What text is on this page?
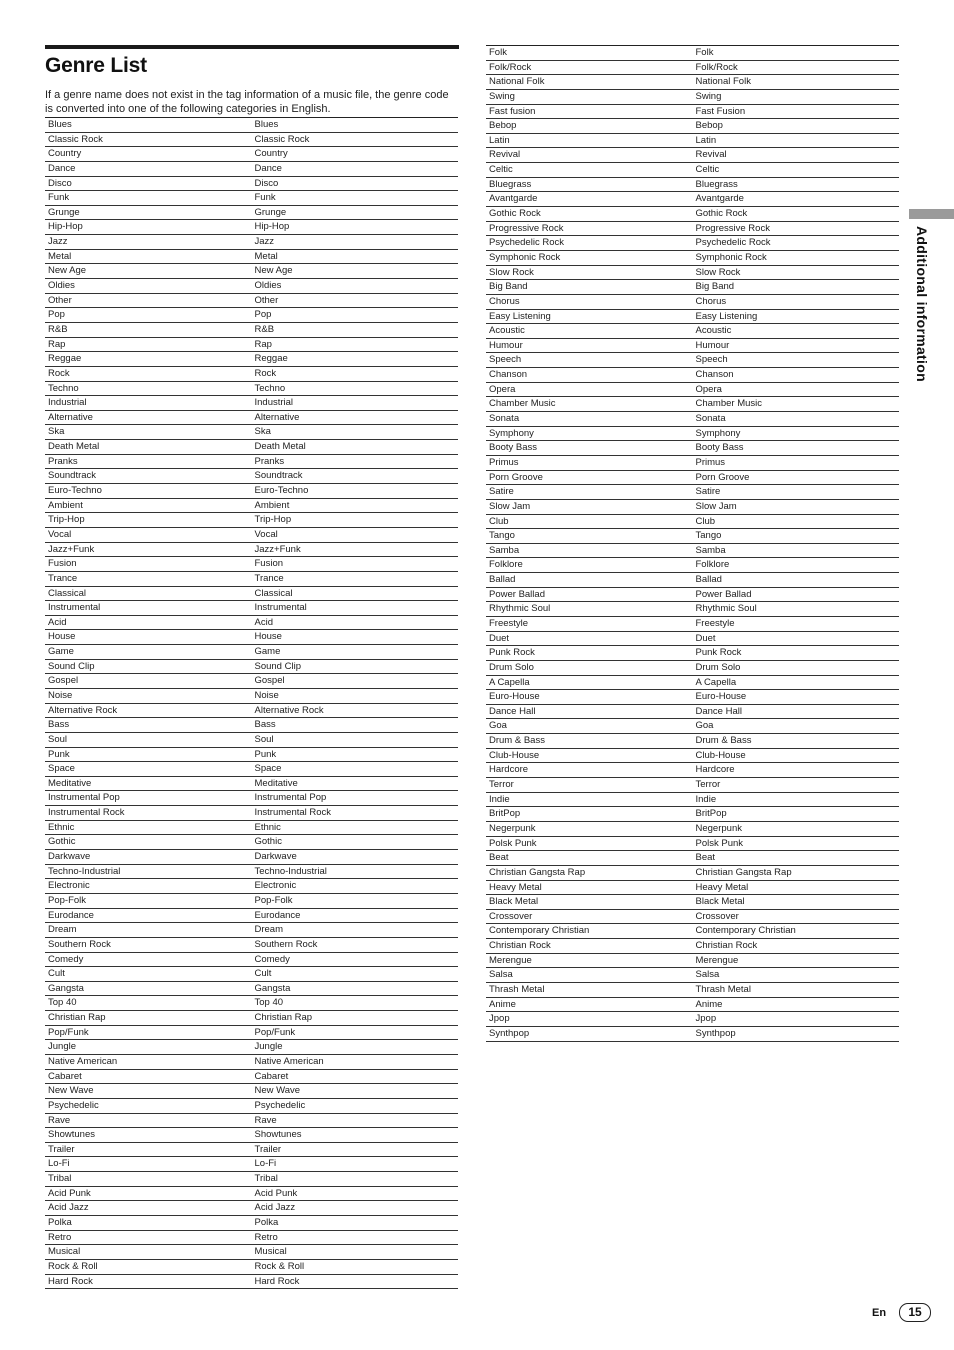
Genre List

If a genre name does not exist in the tag information of a music file, the genre code is converted into one of the following categories in English.

Blues	Blues
Classic Rock	Classic Rock
Country	Country
Dance	Dance
Disco	Disco
Funk	Funk
Grunge	Grunge
Hip-Hop	Hip-Hop
Jazz	Jazz
Metal	Metal
New Age	New Age
Oldies	Oldies
Other	Other
Pop	Pop
R&B	R&B
Rap	Rap
Reggae	Reggae
Rock	Rock
Techno	Techno
Industrial	Industrial
Alternative	Alternative
Ska	Ska
Death Metal	Death Metal
Pranks	Pranks
Soundtrack	Soundtrack
Euro-Techno	Euro-Techno
Ambient	Ambient
Trip-Hop	Trip-Hop
Vocal	Vocal
Jazz+Funk	Jazz+Funk
Fusion	Fusion
Trance	Trance
Classical	Classical
Instrumental	Instrumental
Acid	Acid
House	House
Game	Game
Sound Clip	Sound Clip
Gospel	Gospel
Noise	Noise
Alternative Rock	Alternative Rock
Bass	Bass
Soul	Soul
Punk	Punk
Space	Space
Meditative	Meditative
Instrumental Pop	Instrumental Pop
Instrumental Rock	Instrumental Rock
Ethnic	Ethnic
Gothic	Gothic
Darkwave	Darkwave
Techno-Industrial	Techno-Industrial
Electronic	Electronic
Pop-Folk	Pop-Folk
Eurodance	Eurodance
Dream	Dream
Southern Rock	Southern Rock
Comedy	Comedy
Cult	Cult
Gangsta	Gangsta
Top 40	Top 40
Christian Rap	Christian Rap
Pop/Funk	Pop/Funk
Jungle	Jungle
Native American	Native American
Cabaret	Cabaret
New Wave	New Wave
Psychedelic	Psychedelic
Rave	Rave
Showtunes	Showtunes
Trailer	Trailer
Lo-Fi	Lo-Fi
Tribal	Tribal
Acid Punk	Acid Punk
Acid Jazz	Acid Jazz
Polka	Polka
Retro	Retro
Musical	Musical
Rock & Roll	Rock & Roll
Hard Rock	Hard Rock
Folk	Folk
Folk/Rock	Folk/Rock
National Folk	National Folk
Swing	Swing
Fast fusion	Fast Fusion
Bebop	Bebop
Latin	Latin
Revival	Revival
Celtic	Celtic
Bluegrass	Bluegrass
Avantgarde	Avantgarde
Gothic Rock	Gothic Rock
Progressive Rock	Progressive Rock
Psychedelic Rock	Psychedelic Rock
Symphonic Rock	Symphonic Rock
Slow Rock	Slow Rock
Big Band	Big Band
Chorus	Chorus
Easy Listening	Easy Listening
Acoustic	Acoustic
Humour	Humour
Speech	Speech
Chanson	Chanson
Opera	Opera
Chamber Music	Chamber Music
Sonata	Sonata
Symphony	Symphony
Booty Bass	Booty Bass
Primus	Primus
Porn Groove	Porn Groove
Satire	Satire
Slow Jam	Slow Jam
Club	Club
Tango	Tango
Samba	Samba
Folklore	Folklore
Ballad	Ballad
Power Ballad	Power Ballad
Rhythmic Soul	Rhythmic Soul
Freestyle	Freestyle
Duet	Duet
Punk Rock	Punk Rock
Drum Solo	Drum Solo
A Capella	A Capella
Euro-House	Euro-House
Dance Hall	Dance Hall
Goa	Goa
Drum & Bass	Drum & Bass
Club-House	Club-House
Hardcore	Hardcore
Terror	Terror
Indie	Indie
BritPop	BritPop
Negerpunk	Negerpunk
Polsk Punk	Polsk Punk
Beat	Beat
Christian Gangsta Rap	Christian Gangsta Rap
Heavy Metal	Heavy Metal
Black Metal	Black Metal
Crossover	Crossover
Contemporary Christian	Contemporary Christian
Christian Rock	Christian Rock
Merengue	Merengue
Salsa	Salsa
Thrash Metal	Thrash Metal
Anime	Anime
Jpop	Jpop
Synthpop	Synthpop
Additional information
En	15
